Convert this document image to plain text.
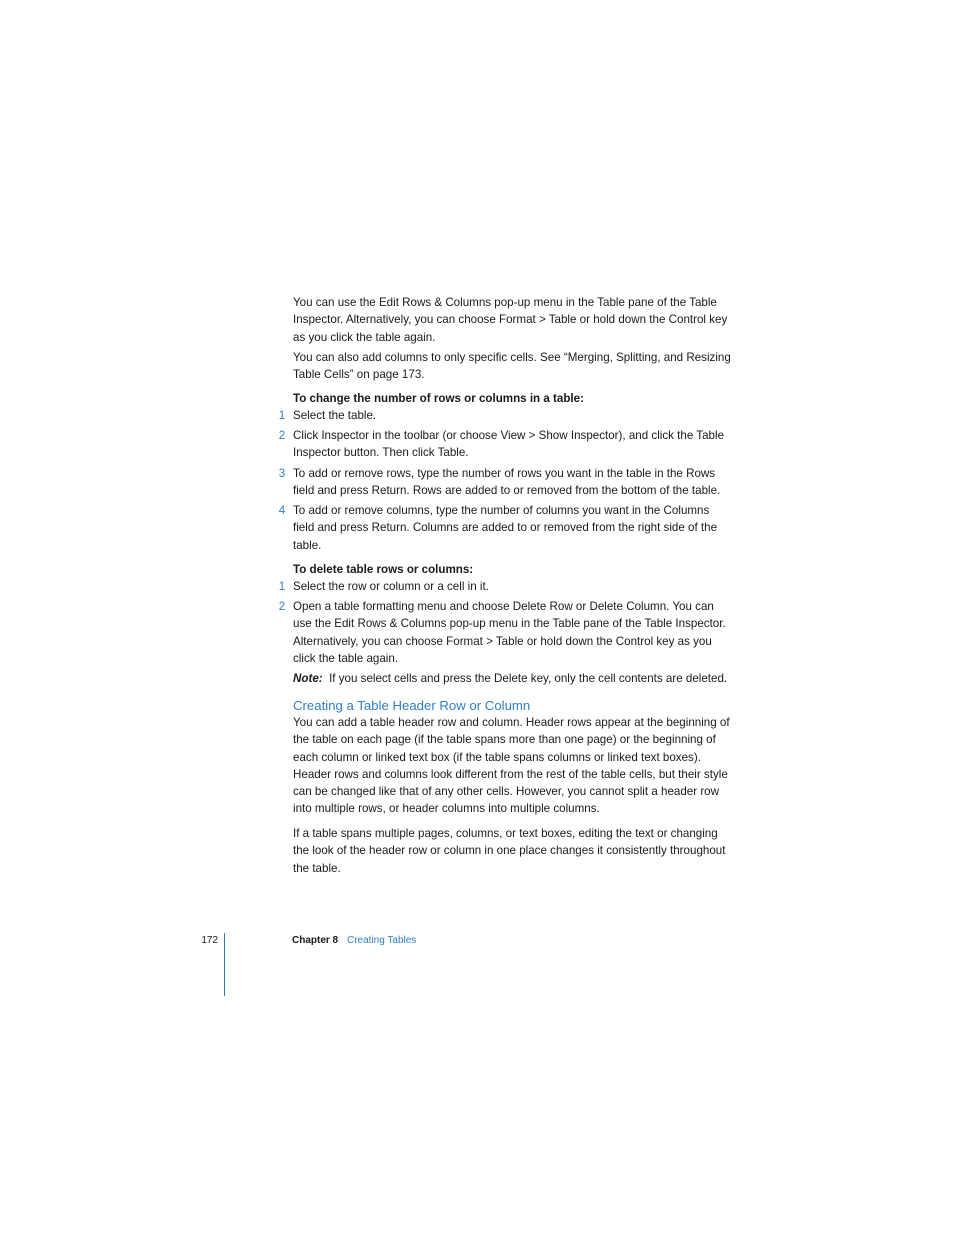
You can use the Edit Rows & Columns pop-up menu in the Table pane of the Table Inspector. Alternatively, you can choose Format > Table or hold down the Control key as you click the table again.

You can also add columns to only specific cells. See “Merging, Splitting, and Resizing Table Cells” on page 173.

To change the number of rows or columns in a table:

1 Select the table.

2 Click Inspector in the toolbar (or choose View > Show Inspector), and click the Table Inspector button. Then click Table.

3 To add or remove rows, type the number of rows you want in the table in the Rows field and press Return. Rows are added to or removed from the bottom of the table.

4 To add or remove columns, type the number of columns you want in the Columns field and press Return. Columns are added to or removed from the right side of the table.

To delete table rows or columns:

1 Select the row or column or a cell in it.

2 Open a table formatting menu and choose Delete Row or Delete Column. You can use the Edit Rows & Columns pop-up menu in the Table pane of the Table Inspector. Alternatively, you can choose Format > Table or hold down the Control key as you click the table again.

Note: If you select cells and press the Delete key, only the cell contents are deleted.

Creating a Table Header Row or Column

You can add a table header row and column. Header rows appear at the beginning of the table on each page (if the table spans more than one page) or the beginning of each column or linked text box (if the table spans columns or linked text boxes). Header rows and columns look different from the rest of the table cells, but their style can be changed like that of any other cells. However, you cannot split a header row into multiple rows, or header columns into multiple columns.

If a table spans multiple pages, columns, or text boxes, editing the text or changing the look of the header row or column in one place changes it consistently throughout the table.

172	Chapter 8 Creating Tables
